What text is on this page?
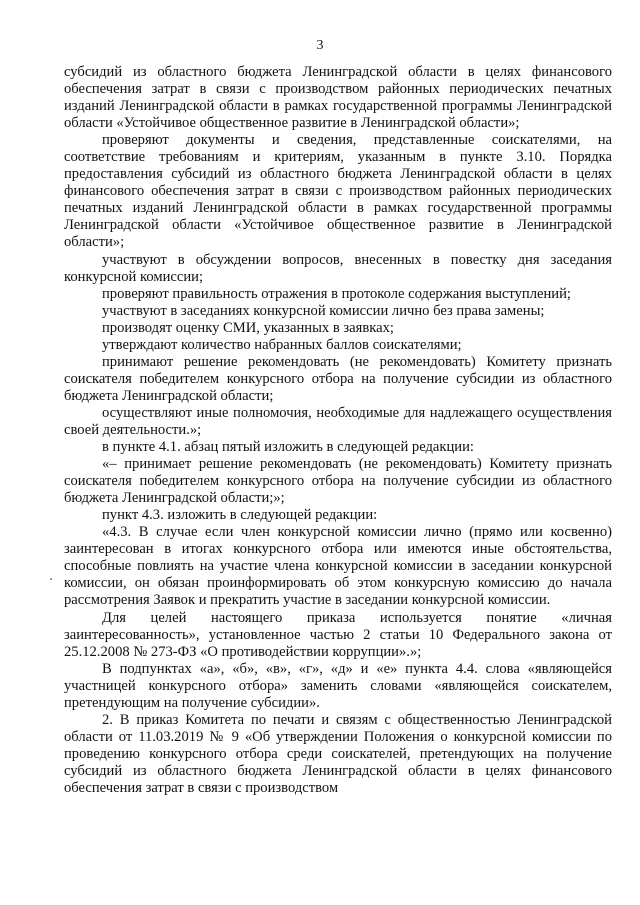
3

субсидий из областного бюджета Ленинградской области в целях финансового обеспечения затрат в связи с производством районных периодических печатных изданий Ленинградской области в рамках государственной программы Ленинградской области «Устойчивое общественное развитие в Ленинградской области»;

проверяют документы и сведения, представленные соискателями, на соответствие требованиям и критериям, указанным в пункте 3.10. Порядка предоставления субсидий из областного бюджета Ленинградской области в целях финансового обеспечения затрат в связи с производством районных периодических печатных изданий Ленинградской области в рамках государственной программы Ленинградской области «Устойчивое общественное развитие в Ленинградской области»;

участвуют в обсуждении вопросов, внесенных в повестку дня заседания конкурсной комиссии;

проверяют правильность отражения в протоколе содержания выступлений;

участвуют в заседаниях конкурсной комиссии лично без права замены;

производят оценку СМИ, указанных в заявках;

утверждают количество набранных баллов соискателями;

принимают решение рекомендовать (не рекомендовать) Комитету признать соискателя победителем конкурсного отбора на получение субсидии из областного бюджета Ленинградской области;

осуществляют иные полномочия, необходимые для надлежащего осуществления своей деятельности.»;

в пункте 4.1. абзац пятый изложить в следующей редакции:

«– принимает решение рекомендовать (не рекомендовать) Комитету признать соискателя победителем конкурсного отбора на получение субсидии из областного бюджета Ленинградской области;»;

пункт 4.3. изложить в следующей редакции:

«4.3. В случае если член конкурсной комиссии лично (прямо или косвенно) заинтересован в итогах конкурсного отбора или имеются иные обстоятельства, способные повлиять на участие члена конкурсной комиссии в заседании конкурсной комиссии, он обязан проинформировать об этом конкурсную комиссию до начала рассмотрения Заявок и прекратить участие в заседании конкурсной комиссии.

Для целей настоящего приказа используется понятие «личная заинтересованность», установленное частью 2 статьи 10 Федерального закона от 25.12.2008 № 273-ФЗ «О противодействии коррупции».»;

В подпунктах «а», «б», «в», «г», «д» и «е» пункта 4.4. слова «являющейся участницей конкурсного отбора» заменить словами «являющейся соискателем, претендующим на получение субсидии».

2. В приказ Комитета по печати и связям с общественностью Ленинградской области от 11.03.2019 № 9 «Об утверждении Положения о конкурсной комиссии по проведению конкурсного отбора среди соискателей, претендующих на получение субсидий из областного бюджета Ленинградской области в целях финансового обеспечения затрат в связи с производством
